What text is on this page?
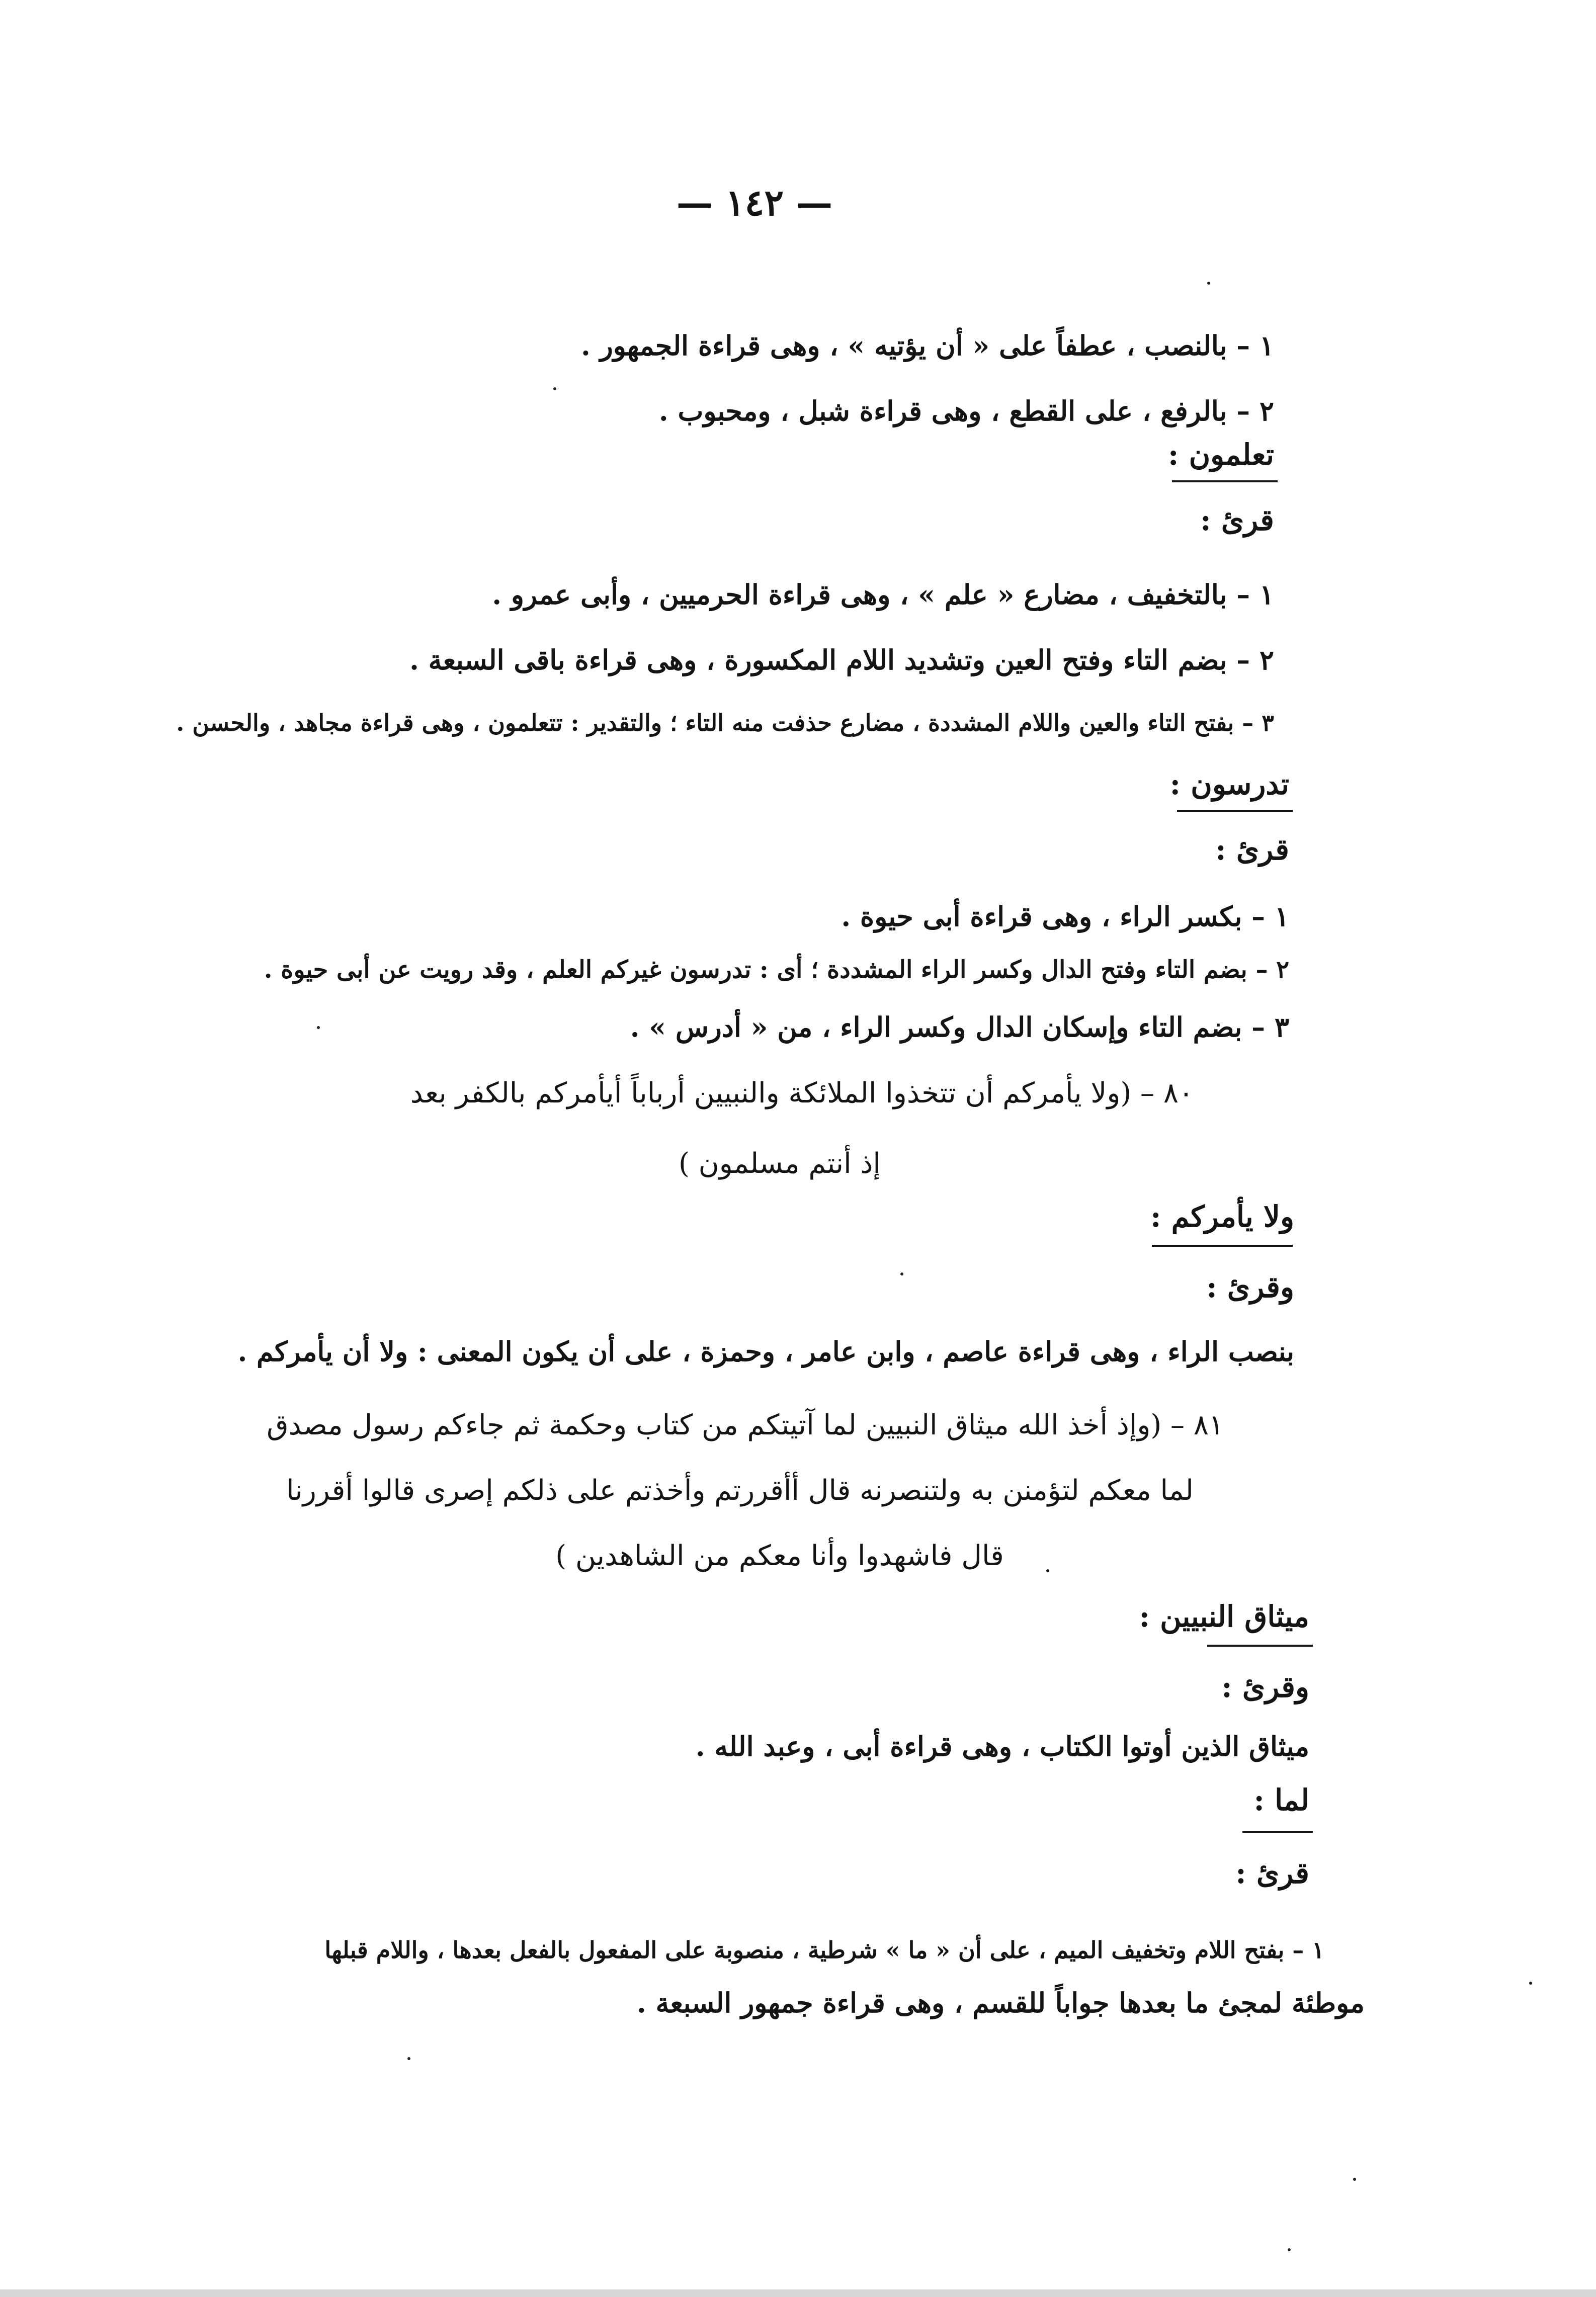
— ١٤٢ —
١ – بالنصب ، عطفاً على « أن يؤتيه » ، وهى قراءة الجمهور .
٢ – بالرفع ، على القطع ، وهى قراءة شبل ، ومحبوب .
تعلمون :
قرئ :
١ – بالتخفيف ، مضارع « علم » ، وهى قراءة الحرميين ، وأبى عمرو .
٢ – بضم التاء وفتح العين وتشديد اللام المكسورة ، وهى قراءة باقى السبعة .
٣ – بفتح التاء والعين واللام المشددة ، مضارع حذفت منه التاء ؛ والتقدير : تتعلمون ، وهى قراءة مجاهد ، والحسن .
تدرسون :
قرئ :
١ – بكسر الراء ، وهى قراءة أبى حيوة .
٢ – بضم التاء وفتح الدال وكسر الراء المشددة ؛ أى : تدرسون غيركم العلم ، وقد رويت عن أبى حيوة .
٣ – بضم التاء وإسكان الدال وكسر الراء ، من « أدرس » .
٨٠ – (ولا يأمركم أن تتخذوا الملائكة والنبيين أرباباً أيأمركم بالكفر بعد
إذ أنتم مسلمون )
ولا يأمركم :
وقرئ :
بنصب الراء ، وهى قراءة عاصم ، وابن عامر ، وحمزة ، على أن يكون المعنى : ولا أن يأمركم .
٨١ – (وإذ أخذ الله ميثاق النبيين لما آتيتكم من كتاب وحكمة ثم جاءكم رسول مصدق
لما معكم لتؤمنن به ولتنصرنه قال أأقررتم وأخذتم على ذلكم إصرى قالوا أقررنا
قال فاشهدوا وأنا معكم من الشاهدين )
ميثاق النبيين :
وقرئ :
ميثاق الذين أوتوا الكتاب ، وهى قراءة أبى ، وعبد الله .
لما :
قرئ :
١ – بفتح اللام وتخفيف الميم ، على أن « ما » شرطية ، منصوبة على المفعول بالفعل بعدها ، واللام قبلها
موطئة لمجئ ما بعدها جواباً للقسم ، وهى قراءة جمهور السبعة .
